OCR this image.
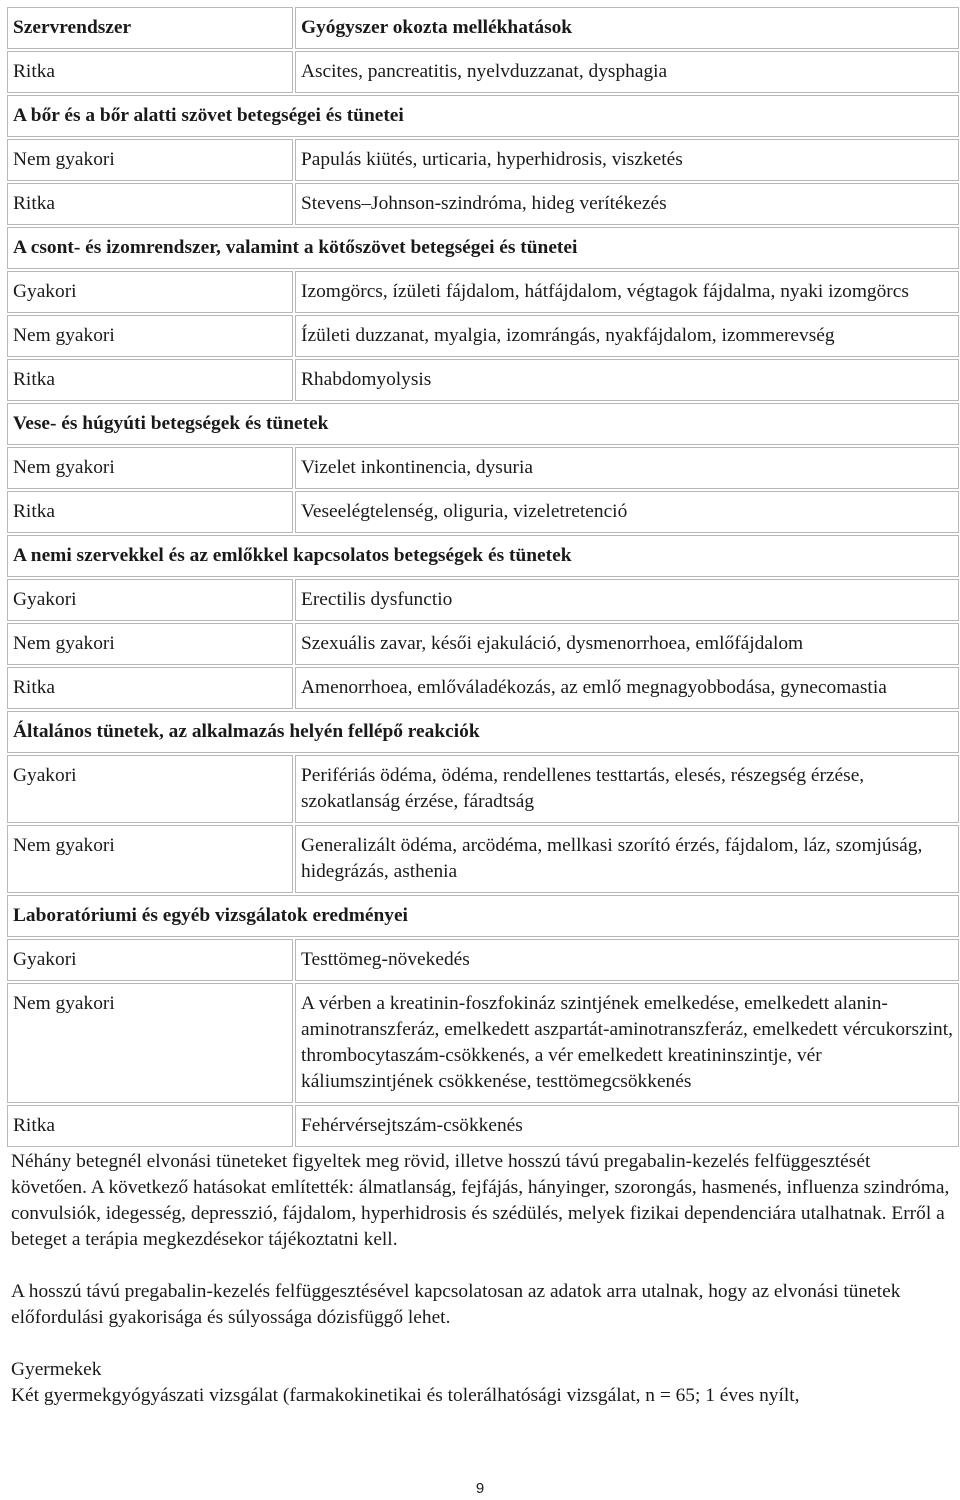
Szervrendszer	Gyógyszer okozta mellékhatások
Ritka	Ascites, pancreatitis, nyelvduzzanat, dysphagia
A bőr és a bőr alatti szövet betegségei és tünetei	
Nem gyakori	Papulás kiütés, urticaria, hyperhidrosis, viszketés
Ritka	Stevens–Johnson-szindróma, hideg verítékezés
A csont- és izomrendszer, valamint a kötőszövet betegségei és tünetei	
Gyakori	Izomgörcs, ízületi fájdalom, hátfájdalom, végtagok fájdalma, nyaki izomgörcs
Nem gyakori	Ízületi duzzanat, myalgia, izomrángás, nyakfájdalom, izommerevség
Ritka	Rhabdomyolysis
Vese- és húgyúti betegségek és tünetek	
Nem gyakori	Vizelet inkontinencia, dysuria
Ritka	Veseelégtelenség, oliguria, vizeletretenció
A nemi szervekkel és az emlőkkel kapcsolatos betegségek és tünetek	
Gyakori	Erectilis dysfunctio
Nem gyakori	Szexuális zavar, késői ejakuláció, dysmenorrhoea, emlőfájdalom
Ritka	Amenorrhoea, emlőváladékozás, az emlő megnagyobbodása, gynecomastia
Általános tünetek, az alkalmazás helyén fellépő reakciók	
Gyakori	Perifériás ödéma, ödéma, rendellenes testtartás, elesés, részegség érzése, szokatlanság érzése, fáradtság
Nem gyakori	Generalizált ödéma, arcödéma, mellkasi szorító érzés, fájdalom, láz, szomjúság, hidegrázás, asthenia
Laboratóriumi és egyéb vizsgálatok eredményei	
Gyakori	Testtömeg-növekedés
Nem gyakori	A vérben a kreatinin-foszfokináz szintjének emelkedése, emelkedett alanin-aminotranszferáz, emelkedett aszpartát-aminotranszferáz, emelkedett vércukorszint, thrombocytaszám-csökkenés, a vér emelkedett kreatininszintje, vér káliumszintjének csökkenése, testtömegcsökkenés
Ritka	Fehérvérsejtszám-csökkenés

Néhány betegnél elvonási tüneteket figyeltek meg rövid, illetve hosszú távú pregabalin-kezelés felfüggesztését követően. A következő hatásokat említették: álmatlanság, fejfájás, hányinger, szorongás, hasmenés, influenza szindróma, convulsiók, idegesség, depresszió, fájdalom, hyperhidrosis és szédülés, melyek fizikai dependenciára utalhatnak. Erről a beteget a terápia megkezdésekor tájékoztatni kell.

A hosszú távú pregabalin-kezelés felfüggesztésével kapcsolatosan az adatok arra utalnak, hogy az elvonási tünetek előfordulási gyakorisága és súlyossága dózisfüggő lehet.

Gyermekek

Két gyermekgyógyászati vizsgálat (farmakokinetikai és tolerálhatósági vizsgálat, n = 65; 1 éves nyílt,

9
